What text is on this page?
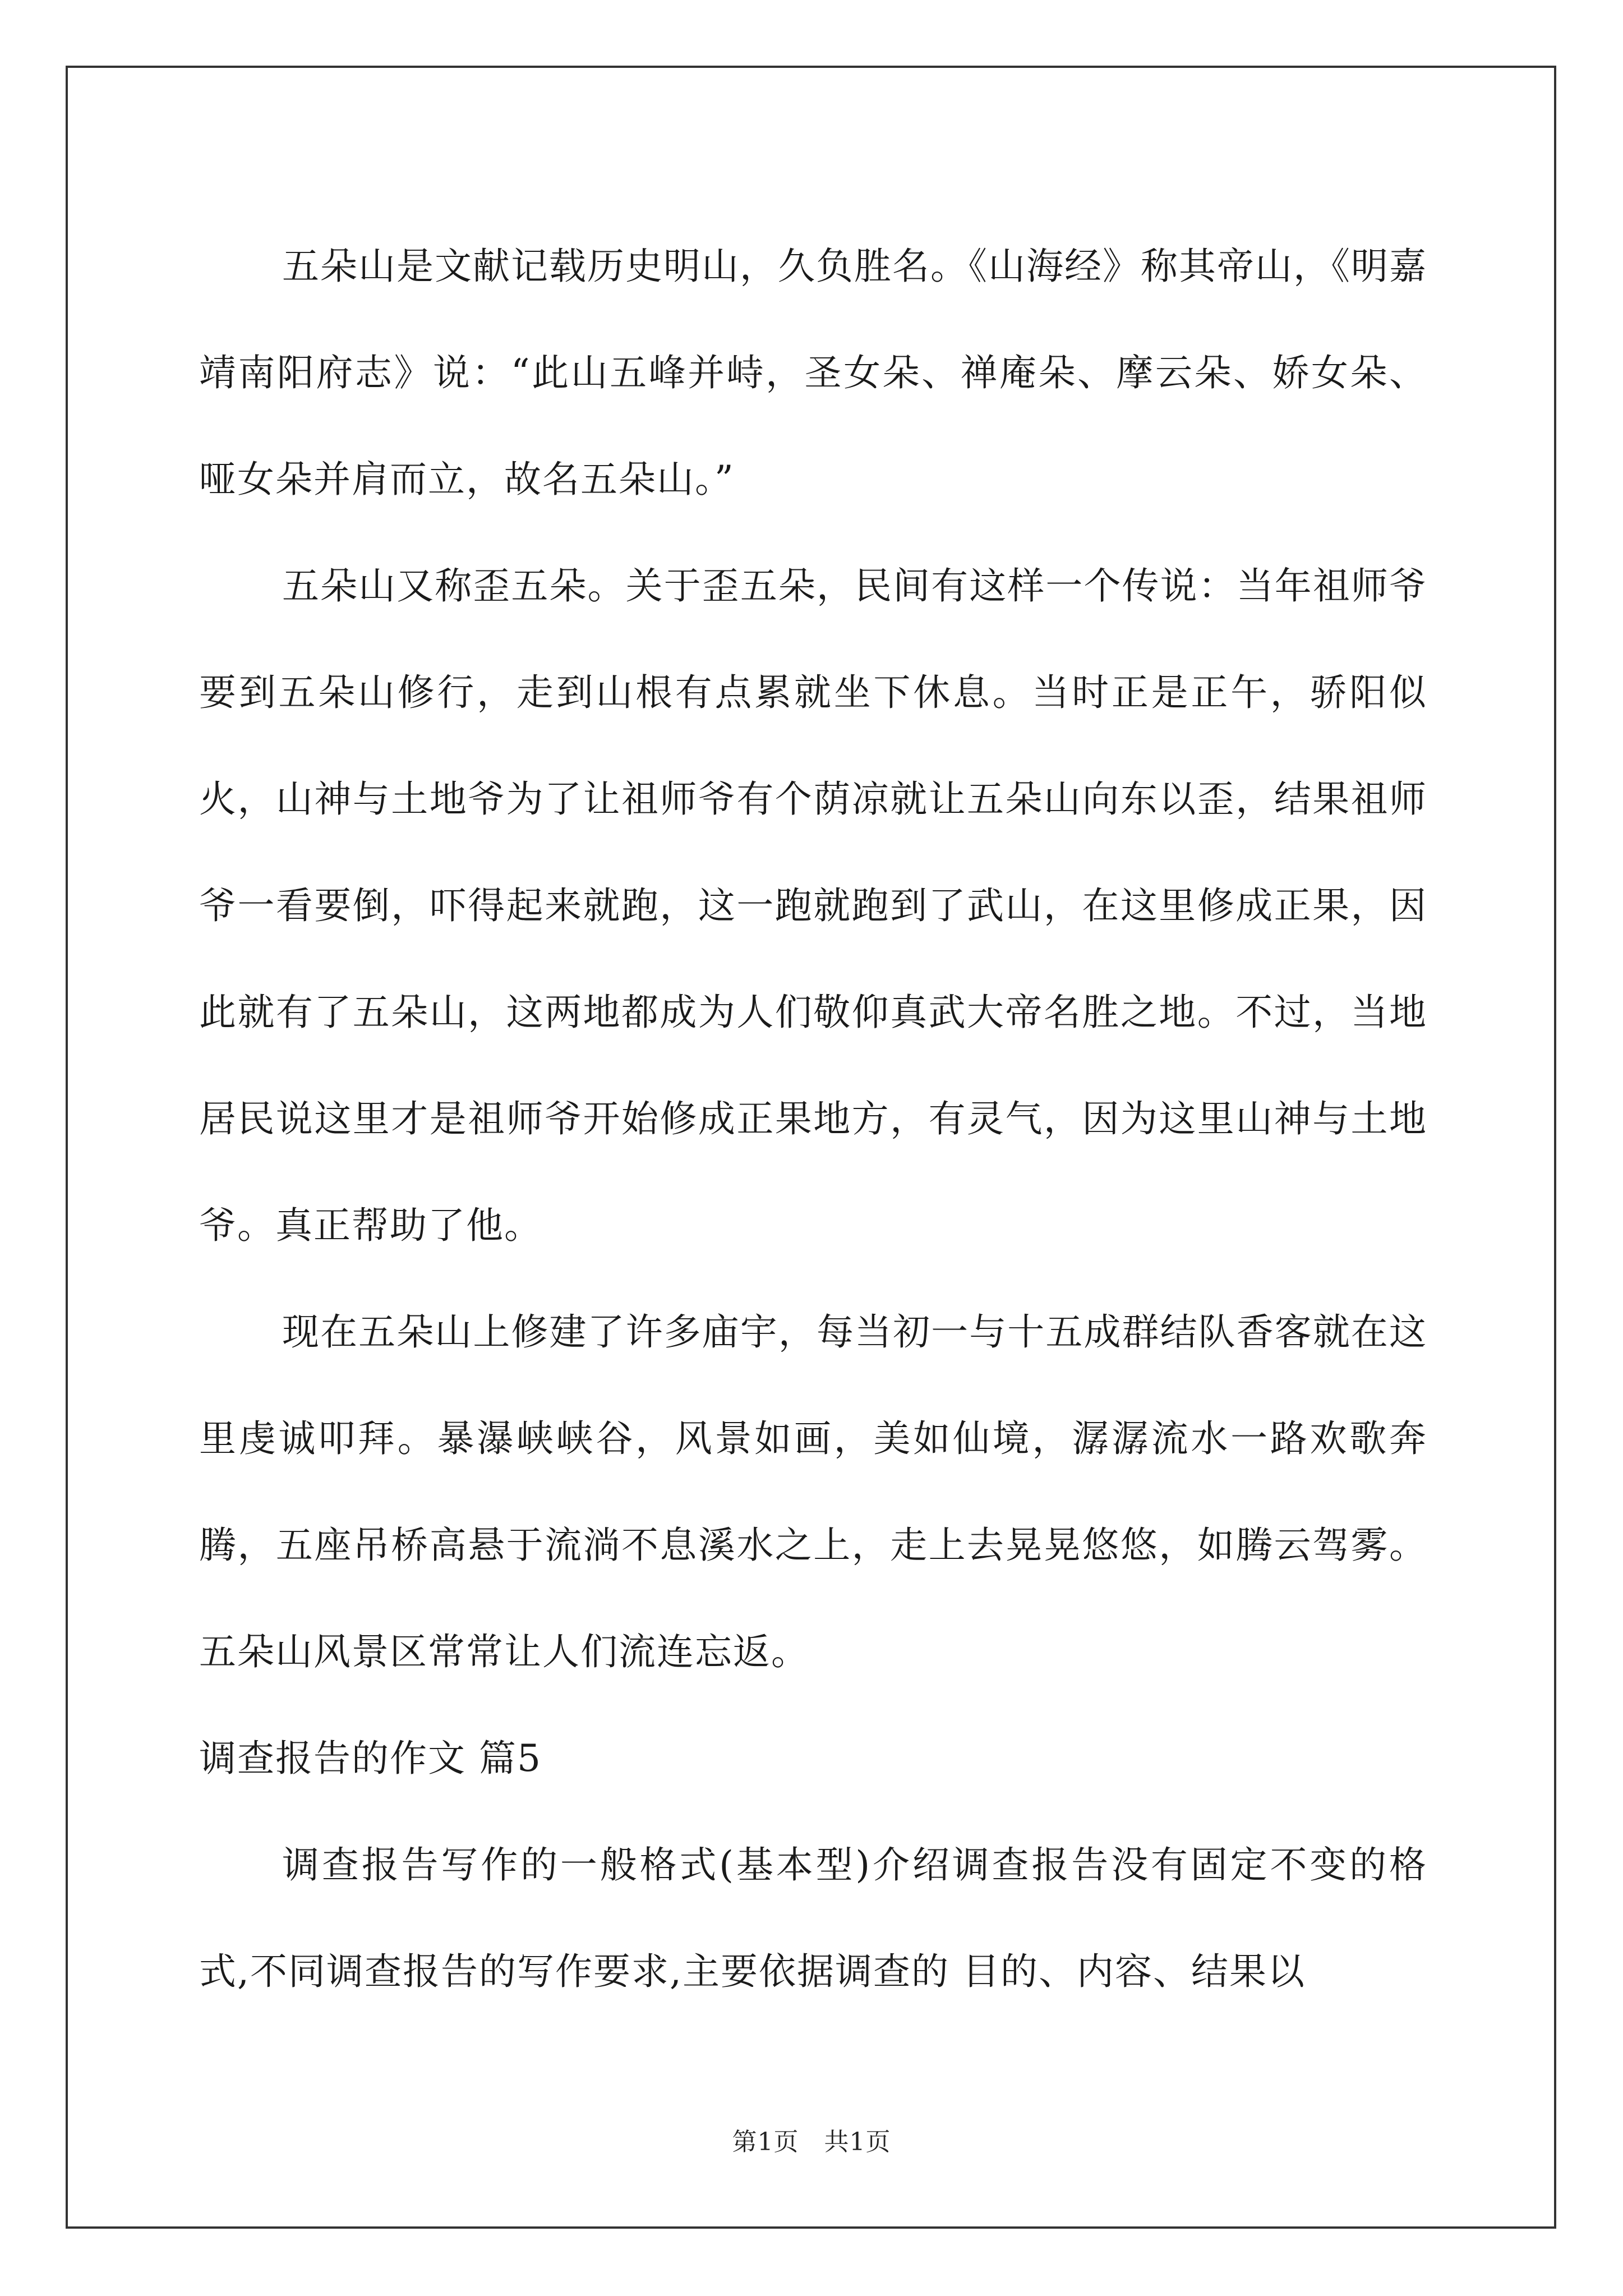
五朵山是文献记载历史明山，久负胜名。《山海经》称其帝山，《明嘉靖南阳府志》说：“此山五峰并峙，圣女朵、禅庵朵、摩云朵、娇女朵、哑女朵并肩而立，故名五朵山。”

五朵山又称歪五朵。关于歪五朵，民间有这样一个传说：当年祖师爷要到五朵山修行，走到山根有点累就坐下休息。当时正是正午，骄阳似火，山神与土地爷为了让祖师爷有个荫凉就让五朵山向东以歪，结果祖师爷一看要倒，吓得起来就跑，这一跑就跑到了武山，在这里修成正果，因此就有了五朵山，这两地都成为人们敬仰真武大帝名胜之地。不过，当地居民说这里才是祖师爷开始修成正果地方，有灵气，因为这里山神与土地爷。真正帮助了他。

现在五朵山上修建了许多庙宇，每当初一与十五成群结队香客就在这里虔诚叩拜。暴瀑峡峡谷，风景如画，美如仙境，潺潺流水一路欢歌奔腾，五座吊桥高悬于流淌不息溪水之上，走上去晃晃悠悠，如腾云驾雾。五朵山风景区常常让人们流连忘返。

调查报告的作文 篇5

调查报告写作的一般格式(基本型)介绍调查报告没有固定不变的格式,不同调查报告的写作要求,主要依据调查的 目的、内容、结果以

第1页　共1页
